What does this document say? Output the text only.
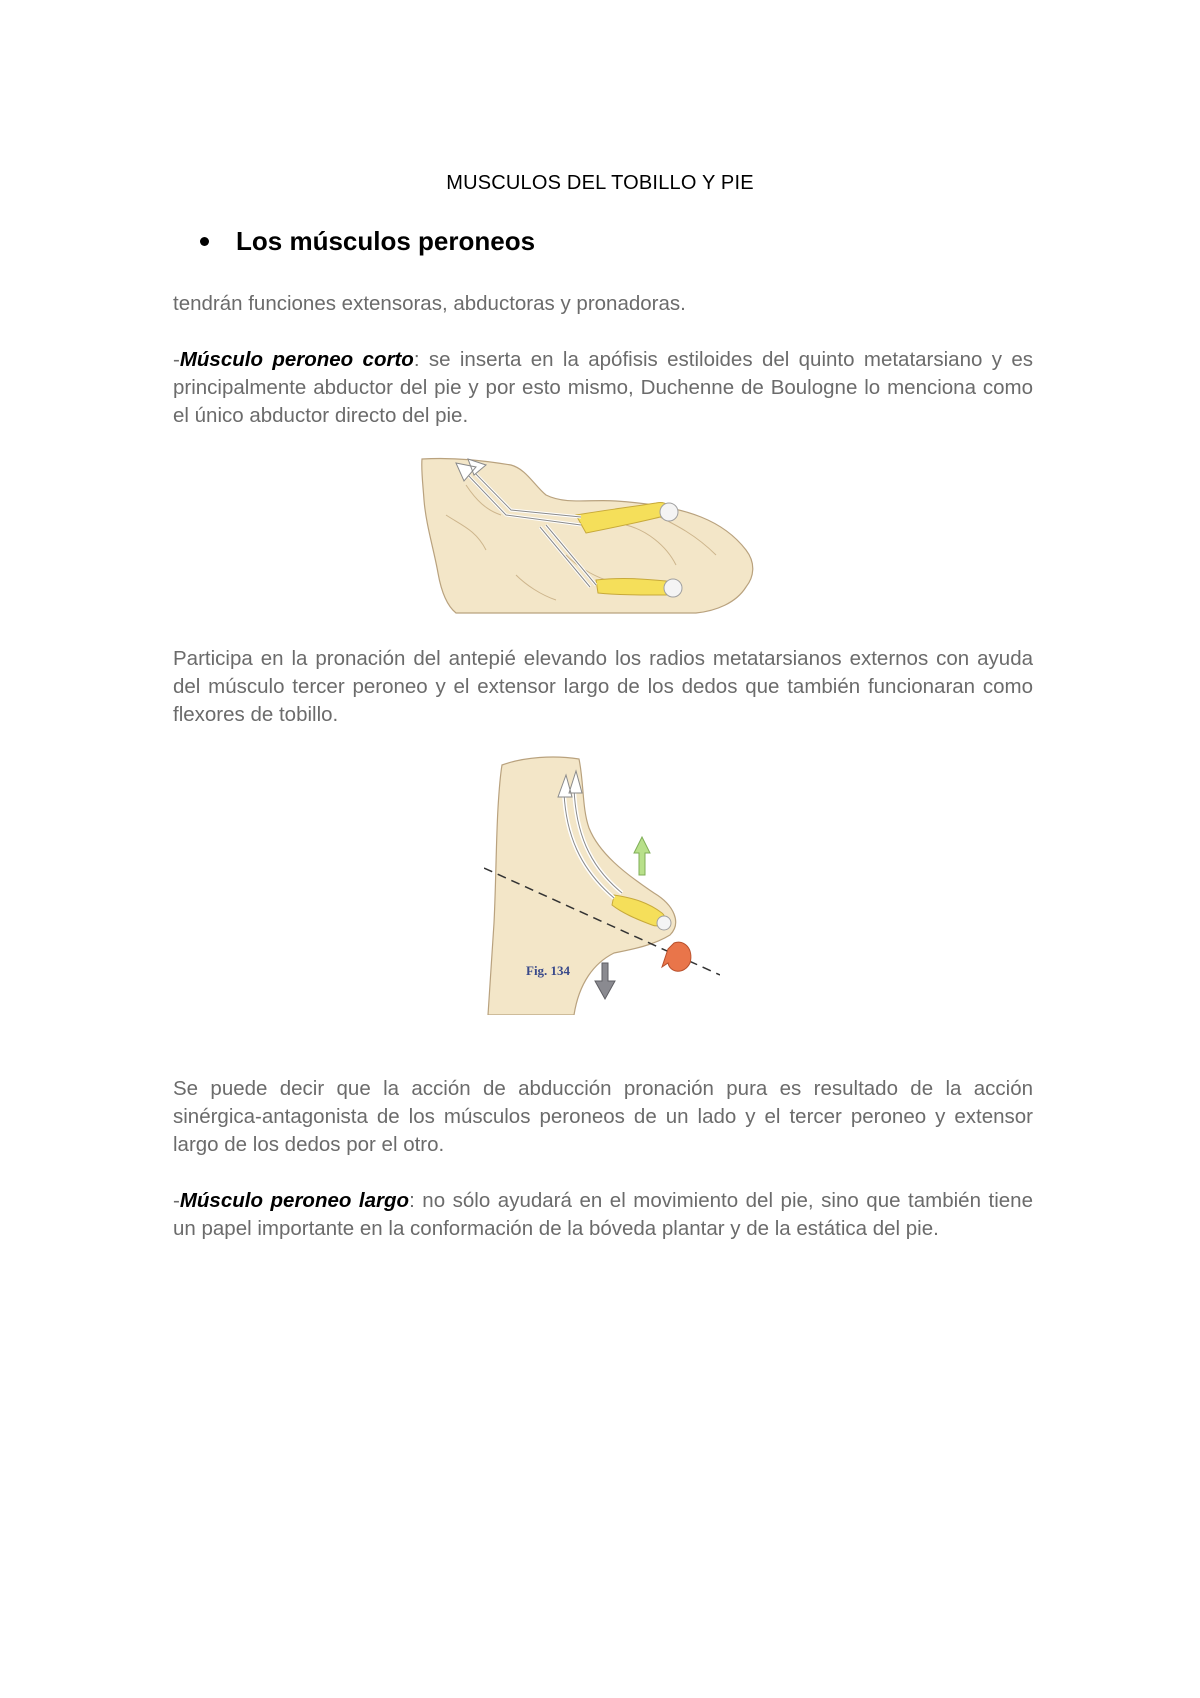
MUSCULOS DEL TOBILLO Y PIE
Los músculos peroneos
tendrán funciones extensoras, abductoras y pronadoras.
-Músculo peroneo corto: se inserta en la apófisis estiloides del quinto metatarsiano y es principalmente abductor del pie y por esto mismo, Duchenne de Boulogne lo menciona como el único abductor directo del pie.
Participa en la pronación del antepié elevando los radios metatarsianos externos con ayuda del músculo tercer peroneo y el extensor largo de los dedos que también funcionaran como flexores de tobillo.
Fig. 134
Se puede decir que la acción de abducción pronación pura es resultado de la acción sinérgica-antagonista de los músculos peroneos de un lado y el tercer peroneo y extensor largo de los dedos por el otro.
-Músculo peroneo largo: no sólo ayudará en el movimiento del pie, sino que también tiene un papel importante en la conformación de la bóveda plantar y de la estática del pie.
